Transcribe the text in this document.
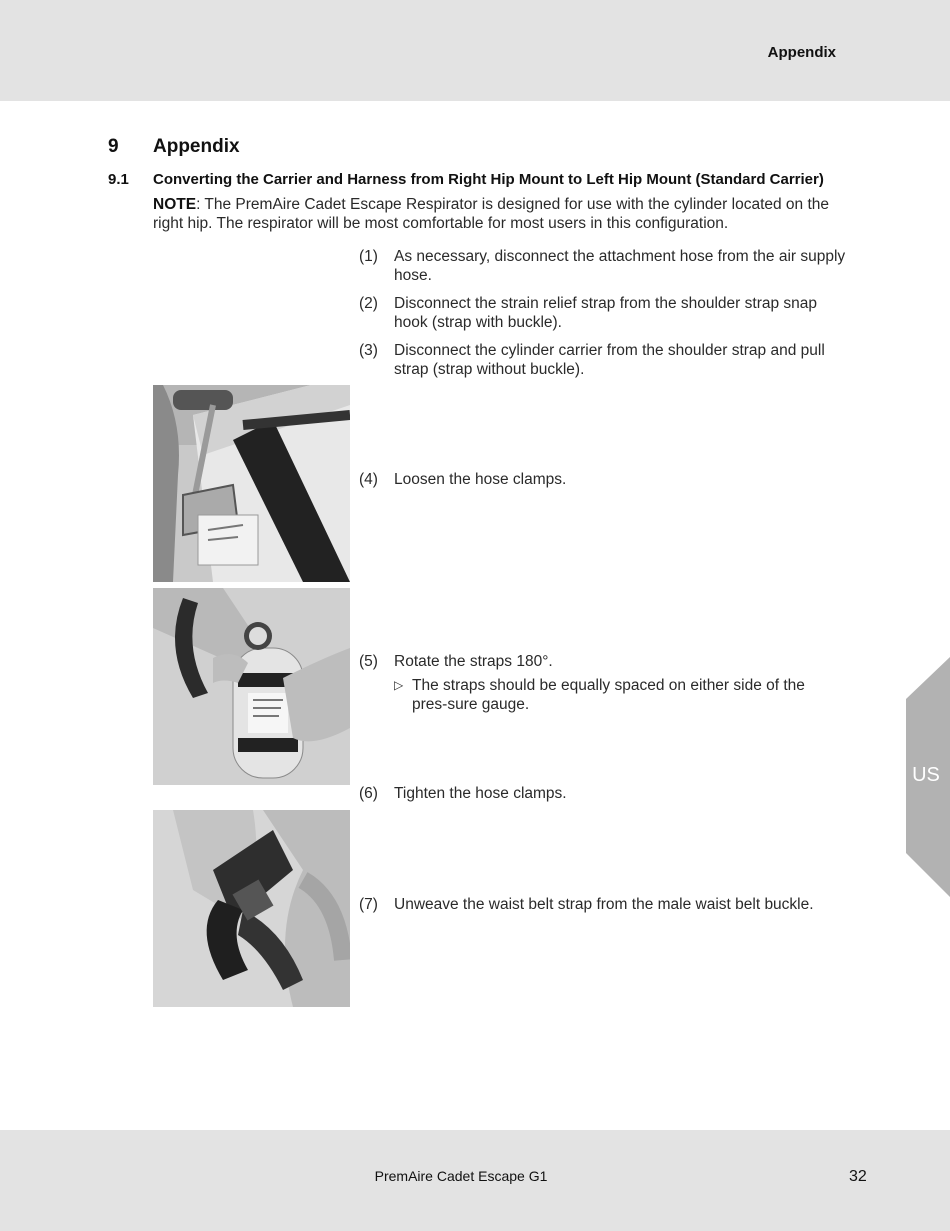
Appendix
9 Appendix
9.1 Converting the Carrier and Harness from Right Hip Mount to Left Hip Mount (Standard Carrier)
NOTE: The PremAire Cadet Escape Respirator is designed for use with the cylinder located on the right hip. The respirator will be most comfortable for most users in this configuration.
(1) As necessary, disconnect the attachment hose from the air supply hose.
(2) Disconnect the strain relief strap from the shoulder strap snap hook (strap with buckle).
(3) Disconnect the cylinder carrier from the shoulder strap and pull strap (strap without buckle).
(4) Loosen the hose clamps.
(5) Rotate the straps 180°.
▷ The straps should be equally spaced on either side of the pres-sure gauge.
(6) Tighten the hose clamps.
(7) Unweave the waist belt strap from the male waist belt buckle.
US
PremAire Cadet Escape G1	32
